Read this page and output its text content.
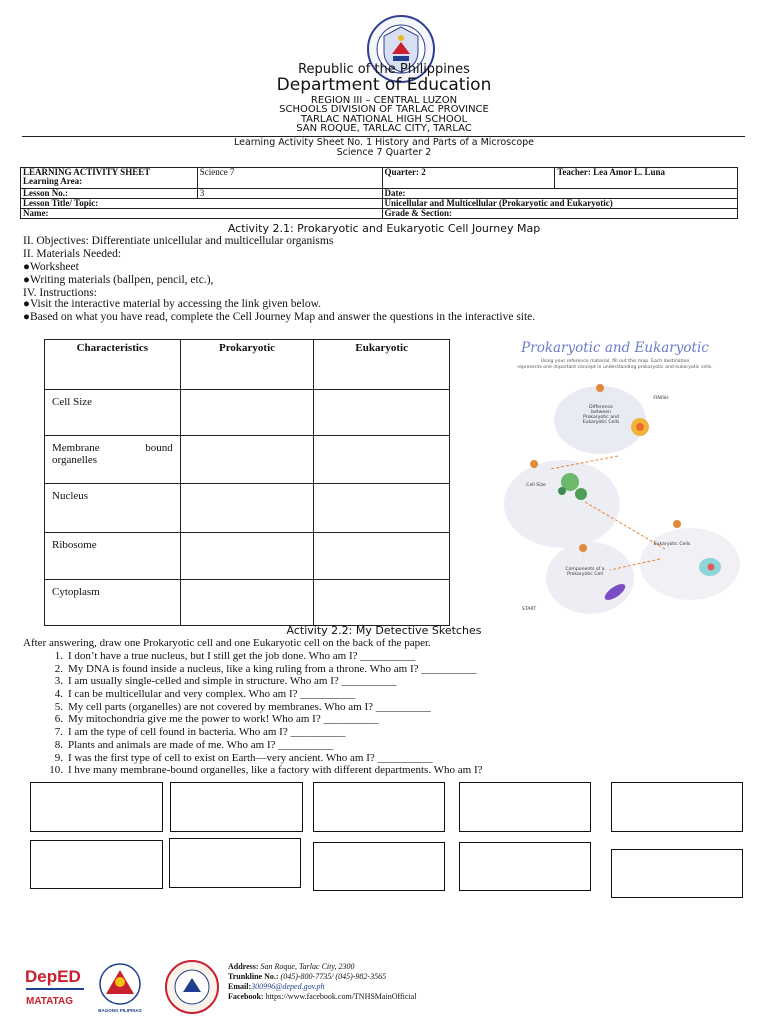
Republic of the Philippines
Department of Education
REGION III – CENTRAL LUZON
SCHOOLS DIVISION OF TARLAC PROVINCE
TARLAC NATIONAL HIGH SCHOOL
SAN ROQUE, TARLAC CITY, TARLAC
Learning Activity Sheet No. 1 History and Parts of a Microscope
Science 7 Quarter 2
LEARNING ACTIVITY SHEET
Learning Area:	Science 7	Quarter: 2	Teacher: Lea Amor L. Luna
Lesson No.:	3	Date:	
Lesson Title/ Topic:		Unicellular and Multicellular (Prokaryotic and Eukaryotic)	
Name:		Grade & Section:	
Activity 2.1: Prokaryotic and Eukaryotic Cell Journey Map
II. Objectives: Differentiate unicellular and multicellular organisms
II. Materials Needed:
●Worksheet
●Writing materials (ballpen, pencil, etc.),
IV. Instructions:
●Visit the interactive material by accessing the link given below.
●Based on what you have read, complete the Cell Journey Map and answer the questions in the interactive site.
Characteristics	Prokaryotic	Eukaryotic
Cell Size		
Membrane bound organelles		
Nucleus		
Ribosome		
Cytoplasm		
Prokaryotic and Eukaryotic
Using your reference material, fill out this map. Each destination
represents one important concept in understanding prokaryotic and eukaryotic cells.
Difference between Prokaryotic and Eukaryotic Cells
FINISH
Cell Size
Eukaryotic Cells
Components of a Prokaryotic Cell
START
Activity 2.2: My Detective Sketches
After answering, draw one Prokaryotic cell and one Eukaryotic cell on the back of the paper.
1. I don’t have a true nucleus, but I still get the job done. Who am I? __________
2. My DNA is found inside a nucleus, like a king ruling from a throne. Who am I? __________
3. I am usually single-celled and simple in structure. Who am I? __________
4. I can be multicellular and very complex. Who am I? __________
5. My cell parts (organelles) are not covered by membranes. Who am I? __________
6. My mitochondria give me the power to work! Who am I? __________
7. I am the type of cell found in bacteria. Who am I? __________
8. Plants and animals are made of me. Who am I? __________
9. I was the first type of cell to exist on Earth—very ancient. Who am I? __________
10. I hve many membrane-bound organelles, like a factory with different departments. Who am I?
DepED
MATATAG
BAGONG PILIPINAS
Address: San Roque, Tarlac City, 2300
Trunkline No.: (045)-800-7735/ (045)-982-3565
Email:300996@deped.gov.ph
Facebook: https://www.facebook.com/TNHSMainOfficial
